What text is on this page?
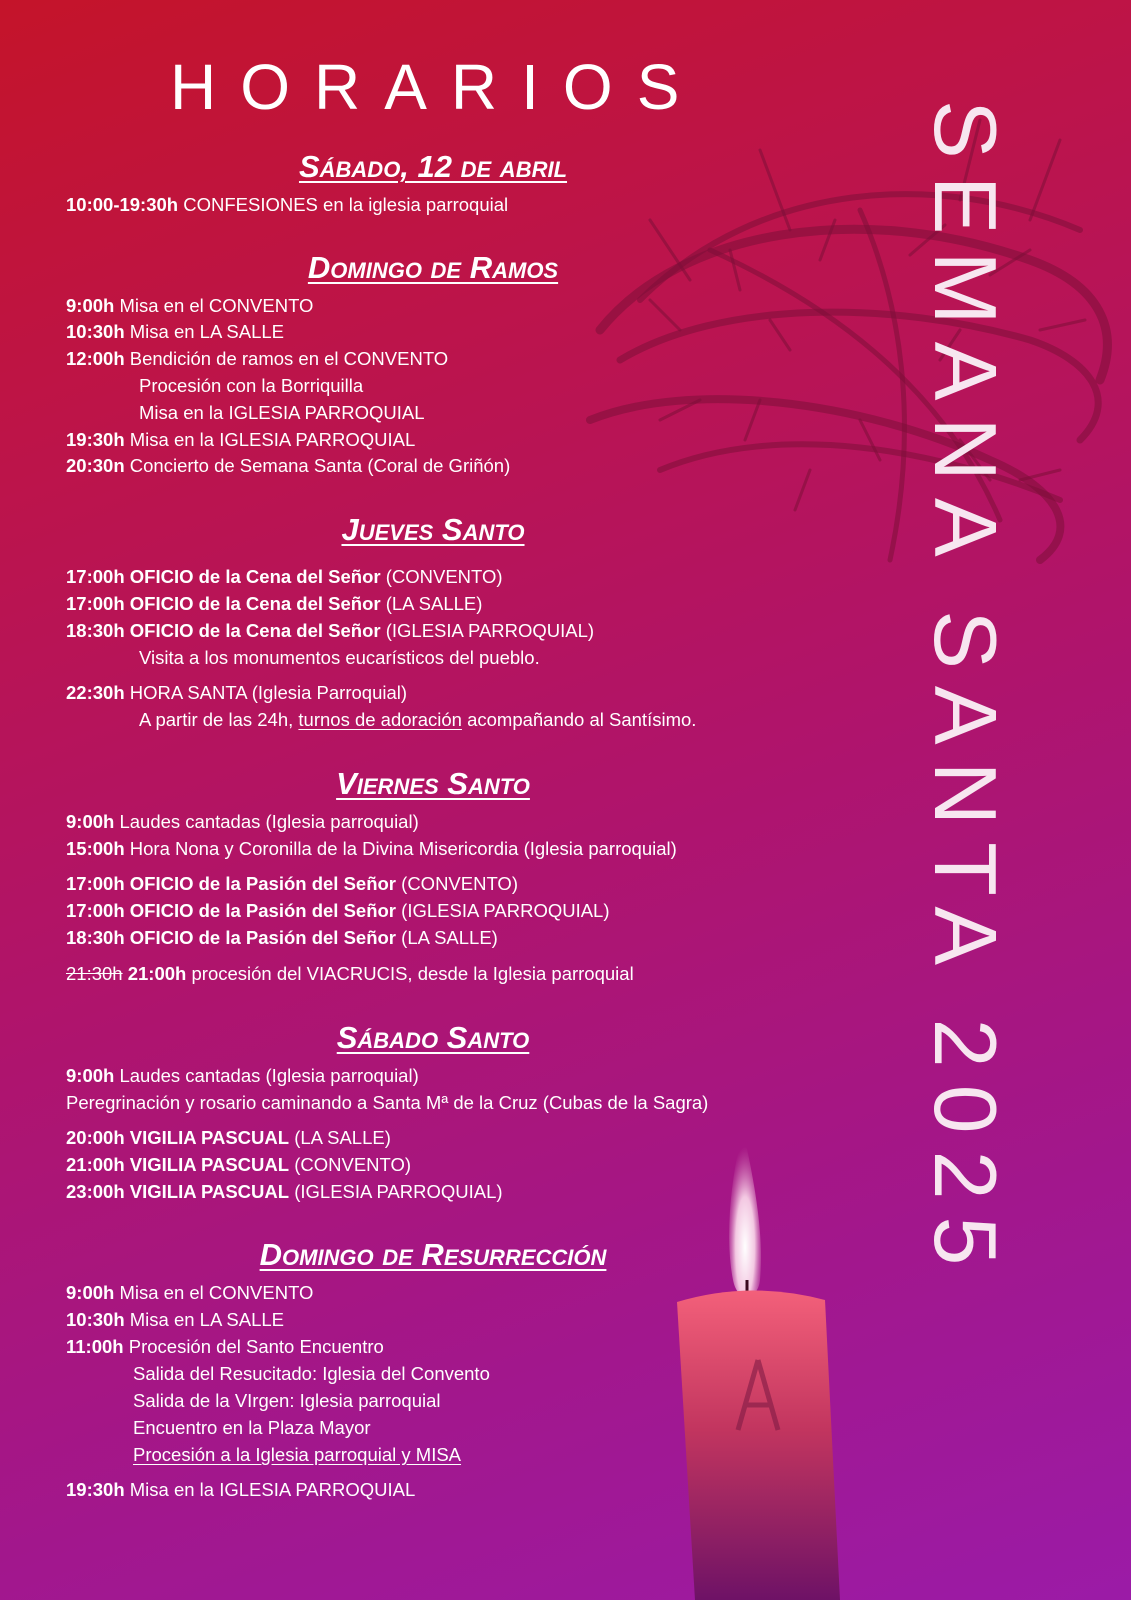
HORARIOS
SEMANA SANTA 2025
Sábado, 12 de abril
10:00-19:30h CONFESIONES en la iglesia parroquial
Domingo de Ramos
9:00h Misa en el CONVENTO
10:30h Misa en LA SALLE
12:00h Bendición de ramos en el CONVENTO
Procesión con la Borriquilla
Misa en la IGLESIA PARROQUIAL
19:30h Misa en la IGLESIA PARROQUIAL
20:30n Concierto de Semana Santa (Coral de Griñón)
Jueves Santo
17:00h OFICIO de la Cena del Señor (CONVENTO)
17:00h OFICIO de la Cena del Señor (LA SALLE)
18:30h OFICIO de la Cena del Señor (IGLESIA PARROQUIAL)
Visita a los monumentos eucarísticos del pueblo.
22:30h HORA SANTA (Iglesia Parroquial)
A partir de las 24h, turnos de adoración acompañando al Santísimo.
Viernes Santo
9:00h Laudes cantadas (Iglesia parroquial)
15:00h Hora Nona y Coronilla de la Divina Misericordia (Iglesia parroquial)
17:00h OFICIO de la Pasión del Señor (CONVENTO)
17:00h OFICIO de la Pasión del Señor (IGLESIA PARROQUIAL)
18:30h OFICIO de la Pasión del Señor (LA SALLE)
21:30h 21:00h procesión del VIACRUCIS, desde la Iglesia parroquial
Sábado Santo
9:00h Laudes cantadas (Iglesia parroquial)
Peregrinación y rosario caminando a Santa Mª de la Cruz (Cubas de la Sagra)
20:00h VIGILIA PASCUAL (LA SALLE)
21:00h VIGILIA PASCUAL (CONVENTO)
23:00h VIGILIA PASCUAL (IGLESIA PARROQUIAL)
Domingo de Resurrección
9:00h Misa en el CONVENTO
10:30h Misa en LA SALLE
11:00h Procesión del Santo Encuentro
Salida del Resucitado: Iglesia del Convento
Salida de la VIrgen: Iglesia parroquial
Encuentro en la Plaza Mayor
Procesión a la Iglesia parroquial y MISA
19:30h Misa en la IGLESIA PARROQUIAL
